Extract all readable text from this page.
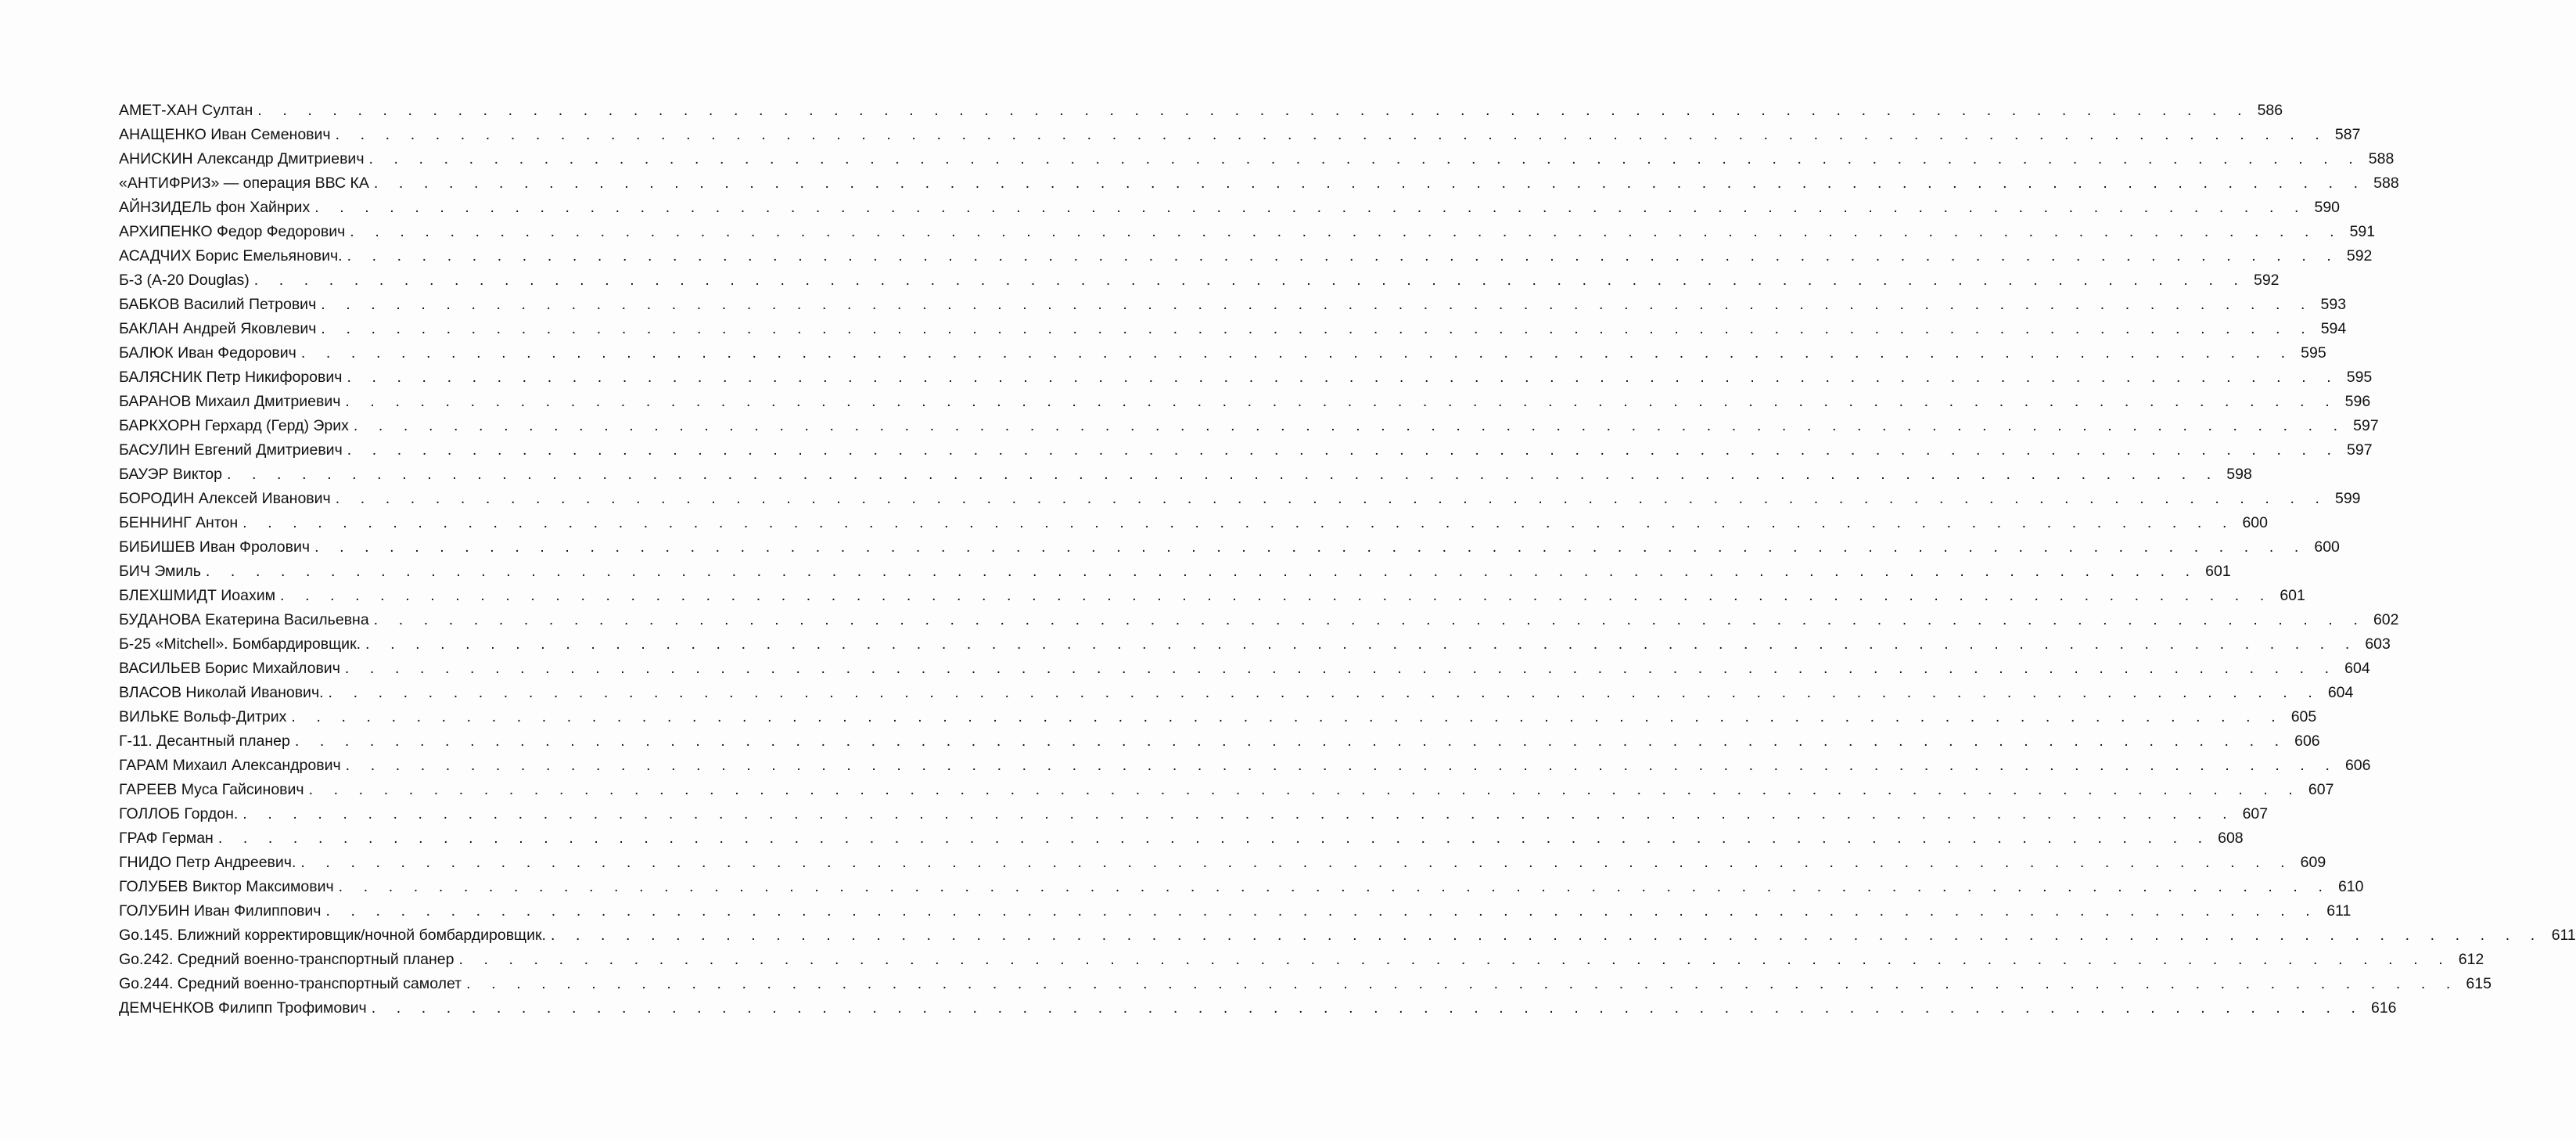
АМЕТ-ХАН Султан . . . . . . . . . . . . . . . . . . . . . . . . . . . . . . . . . . . . . . . . . . . . . . . . . . . . . . . . . . . . . . . . . . . . . . . . . . . . . . . . 586
АНАЩЕНКО Иван Семенович . . . . . . . . . . . . . . . . . . . . . . . . . . . . . . . . . . . . . . . . . . . . . . . . . . . . . . . . . . . . . . . . . . . . . . . . . . . . . . . . 587
АНИСКИН Александр Дмитриевич . . . . . . . . . . . . . . . . . . . . . . . . . . . . . . . . . . . . . . . . . . . . . . . . . . . . . . . . . . . . . . . . . . . . . . . . . . . . . . . . 588
«АНТИФРИЗ» — операция ВВС КА . . . . . . . . . . . . . . . . . . . . . . . . . . . . . . . . . . . . . . . . . . . . . . . . . . . . . . . . . . . . . . . . . . . . . . . . . . . . . . . . 588
АЙНЗИДЕЛЬ фон Хайнрих . . . . . . . . . . . . . . . . . . . . . . . . . . . . . . . . . . . . . . . . . . . . . . . . . . . . . . . . . . . . . . . . . . . . . . . . . . . . . . . . 590
АРХИПЕНКО Федор Федорович . . . . . . . . . . . . . . . . . . . . . . . . . . . . . . . . . . . . . . . . . . . . . . . . . . . . . . . . . . . . . . . . . . . . . . . . . . . . . . . . 591
АСАДЧИХ Борис Емельянович. . . . . . . . . . . . . . . . . . . . . . . . . . . . . . . . . . . . . . . . . . . . . . . . . . . . . . . . . . . . . . . . . . . . . . . . . . . . . . . . . 592
Б-3 (А-20 Douglas) . . . . . . . . . . . . . . . . . . . . . . . . . . . . . . . . . . . . . . . . . . . . . . . . . . . . . . . . . . . . . . . . . . . . . . . . . . . . . . . . 592
БАБКОВ Василий Петрович . . . . . . . . . . . . . . . . . . . . . . . . . . . . . . . . . . . . . . . . . . . . . . . . . . . . . . . . . . . . . . . . . . . . . . . . . . . . . . . . 593
БАКЛАН Андрей Яковлевич . . . . . . . . . . . . . . . . . . . . . . . . . . . . . . . . . . . . . . . . . . . . . . . . . . . . . . . . . . . . . . . . . . . . . . . . . . . . . . . . 594
БАЛЮК Иван Федорович . . . . . . . . . . . . . . . . . . . . . . . . . . . . . . . . . . . . . . . . . . . . . . . . . . . . . . . . . . . . . . . . . . . . . . . . . . . . . . . . 595
БАЛЯСНИК Петр Никифорович . . . . . . . . . . . . . . . . . . . . . . . . . . . . . . . . . . . . . . . . . . . . . . . . . . . . . . . . . . . . . . . . . . . . . . . . . . . . . . . . 595
БАРАНОВ Михаил Дмитриевич . . . . . . . . . . . . . . . . . . . . . . . . . . . . . . . . . . . . . . . . . . . . . . . . . . . . . . . . . . . . . . . . . . . . . . . . . . . . . . . . 596
БАРКХОРН Герхард (Герд) Эрих . . . . . . . . . . . . . . . . . . . . . . . . . . . . . . . . . . . . . . . . . . . . . . . . . . . . . . . . . . . . . . . . . . . . . . . . . . . . . . . . 597
БАСУЛИН Евгений Дмитриевич . . . . . . . . . . . . . . . . . . . . . . . . . . . . . . . . . . . . . . . . . . . . . . . . . . . . . . . . . . . . . . . . . . . . . . . . . . . . . . . . 597
БАУЭР Виктор . . . . . . . . . . . . . . . . . . . . . . . . . . . . . . . . . . . . . . . . . . . . . . . . . . . . . . . . . . . . . . . . . . . . . . . . . . . . . . . . 598
БОРОДИН Алексей Иванович . . . . . . . . . . . . . . . . . . . . . . . . . . . . . . . . . . . . . . . . . . . . . . . . . . . . . . . . . . . . . . . . . . . . . . . . . . . . . . . . 599
БЕННИНГ Антон . . . . . . . . . . . . . . . . . . . . . . . . . . . . . . . . . . . . . . . . . . . . . . . . . . . . . . . . . . . . . . . . . . . . . . . . . . . . . . . . 600
БИБИШЕВ Иван Фролович . . . . . . . . . . . . . . . . . . . . . . . . . . . . . . . . . . . . . . . . . . . . . . . . . . . . . . . . . . . . . . . . . . . . . . . . . . . . . . . . 600
БИЧ Эмиль . . . . . . . . . . . . . . . . . . . . . . . . . . . . . . . . . . . . . . . . . . . . . . . . . . . . . . . . . . . . . . . . . . . . . . . . . . . . . . . . 601
БЛЕХШМИДТ Иоахим . . . . . . . . . . . . . . . . . . . . . . . . . . . . . . . . . . . . . . . . . . . . . . . . . . . . . . . . . . . . . . . . . . . . . . . . . . . . . . . . 601
БУДАНОВА Екатерина Васильевна . . . . . . . . . . . . . . . . . . . . . . . . . . . . . . . . . . . . . . . . . . . . . . . . . . . . . . . . . . . . . . . . . . . . . . . . . . . . . . . . 602
Б-25 «Mitchell». Бомбардировщик. . . . . . . . . . . . . . . . . . . . . . . . . . . . . . . . . . . . . . . . . . . . . . . . . . . . . . . . . . . . . . . . . . . . . . . . . . . . . . . . . 603
ВАСИЛЬЕВ Борис Михайлович . . . . . . . . . . . . . . . . . . . . . . . . . . . . . . . . . . . . . . . . . . . . . . . . . . . . . . . . . . . . . . . . . . . . . . . . . . . . . . . . 604
ВЛАСОВ Николай Иванович. . . . . . . . . . . . . . . . . . . . . . . . . . . . . . . . . . . . . . . . . . . . . . . . . . . . . . . . . . . . . . . . . . . . . . . . . . . . . . . . . 604
ВИЛЬКЕ Вольф-Дитрих . . . . . . . . . . . . . . . . . . . . . . . . . . . . . . . . . . . . . . . . . . . . . . . . . . . . . . . . . . . . . . . . . . . . . . . . . . . . . . . . 605
Г-11. Десантный планер . . . . . . . . . . . . . . . . . . . . . . . . . . . . . . . . . . . . . . . . . . . . . . . . . . . . . . . . . . . . . . . . . . . . . . . . . . . . . . . . 606
ГАРАМ Михаил Александрович . . . . . . . . . . . . . . . . . . . . . . . . . . . . . . . . . . . . . . . . . . . . . . . . . . . . . . . . . . . . . . . . . . . . . . . . . . . . . . . . 606
ГАРЕЕВ Муса Гайсинович . . . . . . . . . . . . . . . . . . . . . . . . . . . . . . . . . . . . . . . . . . . . . . . . . . . . . . . . . . . . . . . . . . . . . . . . . . . . . . . . 607
ГОЛЛОБ Гордон. . . . . . . . . . . . . . . . . . . . . . . . . . . . . . . . . . . . . . . . . . . . . . . . . . . . . . . . . . . . . . . . . . . . . . . . . . . . . . . . . 607
ГРАФ Герман . . . . . . . . . . . . . . . . . . . . . . . . . . . . . . . . . . . . . . . . . . . . . . . . . . . . . . . . . . . . . . . . . . . . . . . . . . . . . . . . 608
ГНИДО Петр Андреевич. . . . . . . . . . . . . . . . . . . . . . . . . . . . . . . . . . . . . . . . . . . . . . . . . . . . . . . . . . . . . . . . . . . . . . . . . . . . . . . . . 609
ГОЛУБЕВ Виктор Максимович . . . . . . . . . . . . . . . . . . . . . . . . . . . . . . . . . . . . . . . . . . . . . . . . . . . . . . . . . . . . . . . . . . . . . . . . . . . . . . . . 610
ГОЛУБИН Иван Филиппович . . . . . . . . . . . . . . . . . . . . . . . . . . . . . . . . . . . . . . . . . . . . . . . . . . . . . . . . . . . . . . . . . . . . . . . . . . . . . . . . 611
Go.145. Ближний корректировщик/ночной бомбардировщик. . . . . . . . . . . . . . . . . . . . . . . . . . . . . . . . . . . . . . . . . . . . . . . . . . . . . . . . . . . . . . . . . . . . . . . . . . . . . . . . . 611
Go.242. Средний военно-транспортный планер . . . . . . . . . . . . . . . . . . . . . . . . . . . . . . . . . . . . . . . . . . . . . . . . . . . . . . . . . . . . . . . . . . . . . . . . . . . . . . . . 612
Go.244. Средний военно-транспортный самолет . . . . . . . . . . . . . . . . . . . . . . . . . . . . . . . . . . . . . . . . . . . . . . . . . . . . . . . . . . . . . . . . . . . . . . . . . . . . . . . . 615
ДЕМЧЕНКОВ Филипп Трофимович . . . . . . . . . . . . . . . . . . . . . . . . . . . . . . . . . . . . . . . . . . . . . . . . . . . . . . . . . . . . . . . . . . . . . . . . . . . . . . . . 616
